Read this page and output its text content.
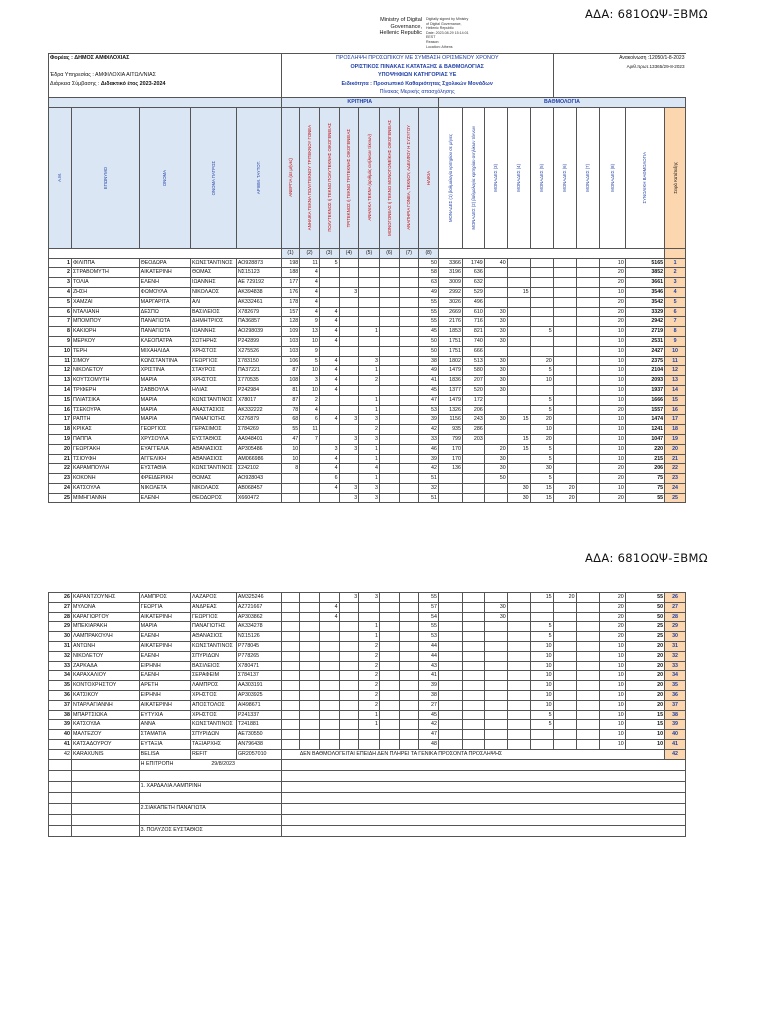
ΑΔΑ: 681ΟΩΨ-ΞΒΜΩ
Ministry of Digital
Governance,
Hellenic Republic
Digitally signed by Ministry
of Digital Governance,
Hellenic Republic
Date: 2023.08.29 15:14:01
EEST
Reason:
Location: Athens
Φορέας : ΔΗΜΟΣ ΑΜΦΙΛΟΧΙΑΣ					ΠΡΟΣΛΗΨΗ ΠΡΟΣΩΠΙΚΟΥ ΜΕ ΣΥΜΒΑΣΗ ΟΡΙΣΜΕΝΟΥ ΧΡΟΝΟΥ													Ανακοίνωση :12050/1-8-2023				
					ΟΡΙΣΤΙΚΟΣ ΠΙΝΑΚΑΣ ΚΑΤΑΤΑΞΗΣ & ΒΑΘΜΟΛΟΓΙΑΣ													Αριθ.πρωτ.13365/29-8-2023				
Έδρα Υπηρεσίας : ΑΜΦΙΛΟΧΙΑ ΑΙΤΩΛ/ΝΙΑΣ					ΥΠΟΨΗΦΙΩΝ ΚΑΤΗΓΟΡΙΑΣ ΥΕ																	
Διάρκεια Σύμβασης : Διδακτικό έτος 2023-2024					Ειδικότητα : Προσωπικό Καθαριότητας Σχολικών Μονάδων																	
					Πίνακας Μερικής απασχόλησης																	
					ΚΡΙΤΗΡΙΑ								ΒΑΘΜΟΛΟΓΙΑ									

Α.Μ.	ΕΠΩΝΥΜΟ	ΟΝΟΜΑ	ΟΝΟΜΑ ΠΑΤΡΟΣ	ΑΡΙΘΜ. ΤΑΥΤΟΤ.	ΑΝΕΡΓΙΑ (σε μήνες)	ΑΝΗΛΙΚΑ ΤΕΚΝΑ ΠΟΛΥΤΕΚΝΟΥ ΤΡΙΤΕΚΝΟΥ ΓΟΝΕΑ	ΠΟΛΥΤΕΚΝΟΣ ή ΤΕΚΝΟ ΠΟΛΥΤΕΚΝΗΣ ΟΙΚΟΓΕΝΕΙΑΣ	ΤΡΙΤΕΚΝΟΣ ή ΤΕΚΝΟ ΤΡΙΤΕΚΝΗΣ ΟΙΚΟΓΕΝΕΙΑΣ	ΑΝΗΛΙΚΑ ΤΕΚΝΑ (αριθμός ανήλικων τέκνων)	ΜΟΝΟΓΟΝΕΑΣ ή ΤΕΚΝΟ ΜΟΝΟΓΟΝΕΪΚΗΣ ΟΙΚΟΓΕΝΕΙΑΣ	ΑΝΑΠΗΡΙΑ ΓΟΝΕΑ, ΤΕΚΝΟΥ, ΑΔΕΛΦΟΥ Η ΣΥΖΥΓΟΥ	ΗΛΙΚΙΑ	ΜΟΝΑΔΕΣ (1) βαθμολογία κριτηρίου σε μήνες	ΜΟΝΑΔΕΣ (2) βαθμολογία κριτηρίου ανηλίκων τέκνων	ΜΟΝΑΔΕΣ (3)	ΜΟΝΑΔΕΣ (4)	ΜΟΝΑΔΕΣ (5)	ΜΟΝΑΔΕΣ (6)	ΜΟΝΑΔΕΣ (7)	ΜΟΝΑΔΕΣ (8)	ΣΥΝΟΛΙΚΗ ΒΑΘΜΟΛΟΓΙΑ	Σειρά Κατάταξης

					(1)	(2)	(3)	(4)	(5)	(6)	(7)	(8)										
1	ΦΙΛΙΠΠΑ	ΘΕΟΔΩΡΑ	ΚΩΝΣΤΑΝΤΙΝΟΣ	ΑΟ928873	198	11	5					50	3366	1749	40					10	5165	1
2	ΣΤΡΑΒΟΜΥΤΗ	ΑΙΚΑΤΕΡΙΝΗ	ΘΩΜΑΣ	ΝΣ15123	188	4						58	3196	636						20	3852	2
3	ΤΟΛΙΑ	ΕΛΕΝΗ	ΙΩΑΝΝΗΣ	ΑΕ 729192	177	4						63	3009	632						20	3661	3
4	ΖΗΣΗ	ΦΩΜΟΥΛΑ	ΝΙΚΟΛΑΟΣ	ΑΚ394838	176	4		3				49	2992	529		15				10	3546	4
5	ΧΑΜΖΑΙ	ΜΑΡΓΑΡΙΤΑ	ΑΛΙ	ΑΚ332461	178	4						55	3026	496						20	3542	5
6	ΝΤΑΛΙΑΝΗ	ΔΕΣΠΩ	ΒΑΣΙΛΕΙΟΣ	Χ782679	157	4	4					55	2669	610	30					20	3329	6
7	ΜΠΟΜΠΟΥ	ΠΑΝΑΓΙΩΤΑ	ΔΗΜΗΤΡΙΟΣ	ΠΑ36857	128	9	4					55	2176	716	30					20	2942	7
8	ΚΑΚΙΩΡΗ	ΠΑΝΑΓΙΩΤΑ	ΙΩΑΝΝΗΣ	ΑΟ298039	109	13	4		1			45	1853	821	30		5			10	2719	8
9	ΜΕΡΚΟΥ	ΚΛΕΟΠΑΤΡΑ	ΣΩΤΗΡΗΣ	Ρ242899	103	10	4					50	1751	740	30					10	2531	9
10	ΤΕΡΗ	ΜΙΧΑΗΛΙΔΑ	ΧΡΗΣΤΟΣ	Χ275526	103	9						50	1751	666						10	2427	10
11	ΣΙΜΟΥ	ΚΩΝΣΤΑΝΤΙΝΑ	ΓΕΩΡΓΙΟΣ	Σ783150	106	5	4		3			38	1802	513	30		20			10	2375	11
12	ΝΙΚΟΛΕΤΟΥ	ΧΡΙΣΤΙΝΑ	ΣΤΑΥΡΟΣ	ΠΑ37221	87	10	4		1			49	1479	580	30		5			10	2104	12
13	ΚΟΥΤΣΟΜΥΤΗ	ΜΑΡΙΑ	ΧΡΗΣΤΟΣ	Σ770535	108	3	4		2			41	1836	207	30		10			10	2093	13
14	ΤΡΙΦΕΡΗ	ΣΑΒΒΟΥΛΑ	ΗΛΙΑΣ	Ρ242984	81	10	4					45	1377	520	30					10	1937	14
15	ΠΛΙΑΤΣΙΚΑ	ΜΑΡΙΑ	ΚΩΝΣΤΑΝΤΙΝΟΣ	Χ78017	87	2			1			47	1479	172			5			10	1666	15
16	ΤΣΕΚΟΥΡΑ	ΜΑΡΙΑ	ΑΝΑΣΤΑΣΙΟΣ	ΑΚ332222	78	4			1			53	1326	206			5			20	1557	16
17	ΡΑΠΤΗ	ΜΑΡΙΑ	ΠΑΝΑΓΙΩΤΗΣ	Χ276879	68	6	4	3	3			39	1156	243	30	15	20			10	1474	17
18	ΚΡΙΚΑΣ	ΓΕΩΡΓΙΟΣ	ΓΕΡΑΣΙΜΟΣ	Σ784269	55	11			2			42	935	286			10			10	1241	18
19	ΠΑΠΠΑ	ΧΡΥΣΟΥΛΑ	ΕΥΣΤΑΘΙΟΣ	ΑΑ948401	47	7		3	3			33	799	203		15	20			10	1047	19
20	ΓΕΩΡΓΑΚΗ	ΕΥΑΓΓΕΛΙΑ	ΑΘΑΝΑΣΙΟΣ	ΑΡ305486	10		3	3	1			46	170		20	15	5			10	220	20
21	ΤΣΙΟΥΦΗ	ΑΓΓΕΛΙΚΗ	ΑΘΑΝΑΣΙΟΣ	ΑΜ066986	10		4		1			39	170		30		5			10	215	21
22	ΚΑΡΑΜΠΟΥΛΗ	ΕΥΣΤΑΘΙΑ	ΚΩΝΣΤΑΝΤΙΝΟΣ	Σ242102	8		4		4			42	136		30		30			20	206	22
23	ΚΟΚΟΝΗ	ΦΡΕΙΔΕΡΙΚΗ	ΘΩΜΑΣ	ΑΟ928043			6		1			51			50		5			20	75	23
24	ΚΑΤΣΟΥΛΑ	ΝΙΚΟΛΕΤΑ	ΝΙΚΟΛΑΟΣ	ΑΒ068457			4	3	3			32				30	15	20		10	75	24
25	ΜΙΜΗΓΙΑΝΝΗ	ΕΛΕΝΗ	ΘΕΟΔΩΡΟΣ	Χ660472				3	3			51				30	15	20		20	55	25
ΑΔΑ: 681ΟΩΨ-ΞΒΜΩ
26	ΚΑΡΑΝΤΖΟΥΝΗΣ	ΛΑΜΠΡΟΣ	ΛΑΖΑΡΟΣ	ΑΜ325246				3	3			55					15	20		20	55	26
27	ΜΥΛΩΝΑ	ΓΕΩΡΓΙΑ	ΑΝΔΡΕΑΣ	ΑΖ721667			4					57			30					20	50	27
28	ΚΑΡΑΓΙΩΡΓΟΥ	ΑΙΚΑΤΕΡΙΝΗ	ΓΕΩΡΓΙΟΣ	ΑΡ303862			4					54			30					20	50	28
29	ΜΠΕΚΙΑΡΑΚΗ	ΜΑΡΙΑ	ΠΑΝΑΓΙΩΤΗΣ	ΑΚ334278					1			55					5			20	25	29
30	ΛΑΜΠΡΑΚΟΥΛΗ	ΕΛΕΝΗ	ΑΘΑΝΑΣΙΟΣ	ΝΣ15126					1			53					5			20	25	30
31	ΑΝΤΩΝΗ	ΑΙΚΑΤΕΡΙΝΗ	ΚΩΝΣΤΑΝΤΙΝΟΣ	Ρ778045					2			44					10			10	20	31
32	ΝΙΚΟΛΕΤΟΥ	ΕΛΕΝΗ	ΣΠΥΡΙΔΩΝ	Ρ778265					2			44					10			10	20	32
33	ΖΑΡΚΑΔΑ	ΕΙΡΗΝΗ	ΒΑΣΙΛΕΙΟΣ	Χ780471					2			43					10			10	20	33
34	ΚΑΡΑΧΑΛΙΟΥ	ΕΛΕΝΗ	ΣΕΡΑΦΕΙΜ	Σ784137					2			41					10			10	20	34
35	ΚΟΝΤΟΧΡΗΣΤΟΥ	ΑΡΕΤΗ	ΛΑΜΠΡΟΣ	ΑΑ303191					2			39					10			10	20	35
36	ΚΑΤΣΙΚΟΥ	ΕΙΡΗΝΗ	ΧΡΗΣΤΟΣ	ΑΡ303925					2			38					10			10	20	36
37	ΝΤΑΡΛΑΓΙΑΝΝΗ	ΑΙΚΑΤΕΡΙΝΗ	ΑΠΟΣΤΟΛΟΣ	ΑΙ498671					2			27					10			10	20	37
38	ΜΠΑΡΤΣΙΩΚΑ	ΕΥΤΥΧΙΑ	ΧΡΗΣΤΟΣ	Ρ241337					1			45					5			10	15	38
39	ΚΑΤΣΟΥΔΑ	ΑΝΝΑ	ΚΩΝΣΤΑΝΤΙΝΟΣ	Τ241881					1			42					5			10	15	39
40	ΜΑΛΤΕΖΟΥ	ΣΤΑΜΑΤΙΑ	ΣΠΥΡΙΔΩΝ	ΑΕ730550								47								10	10	40
41	ΚΑΤΣΑΔΟΥΡΟΥ	ΕΥΤΑΞΙΑ	ΤΑΞΙΑΡΧΗΣ	ΑΝ796438								48								10	10	41
42	KARAXUNIS	BELISA	REFIT	GR2057010	ΔΕΝ ΒΑΘΜΟΛΟΓΕΙΤΑΙ ΕΠΕΙΔΗ ΔΕΝ ΠΛΗΡΕΙ ΤΑ ΓΕΝΙΚΑ ΠΡΟΣΟΝΤΑ ΠΡΟΣΛΗΨΗΣ																	42
		Η ΕΠΙΤΡΟΠΗ 29/8/2023																				

		1. ΧΑΡΔΑΛΙΑ ΛΑΜΠΡΙΝΗ																				

		2.ΣΙΑΚΑΠΕΤΗ ΠΑΝΑΓΙΩΤΑ																				

		3. ΠΟΛΥΖΟΣ ΕΥΣΤΑΘΙΟΣ																				
